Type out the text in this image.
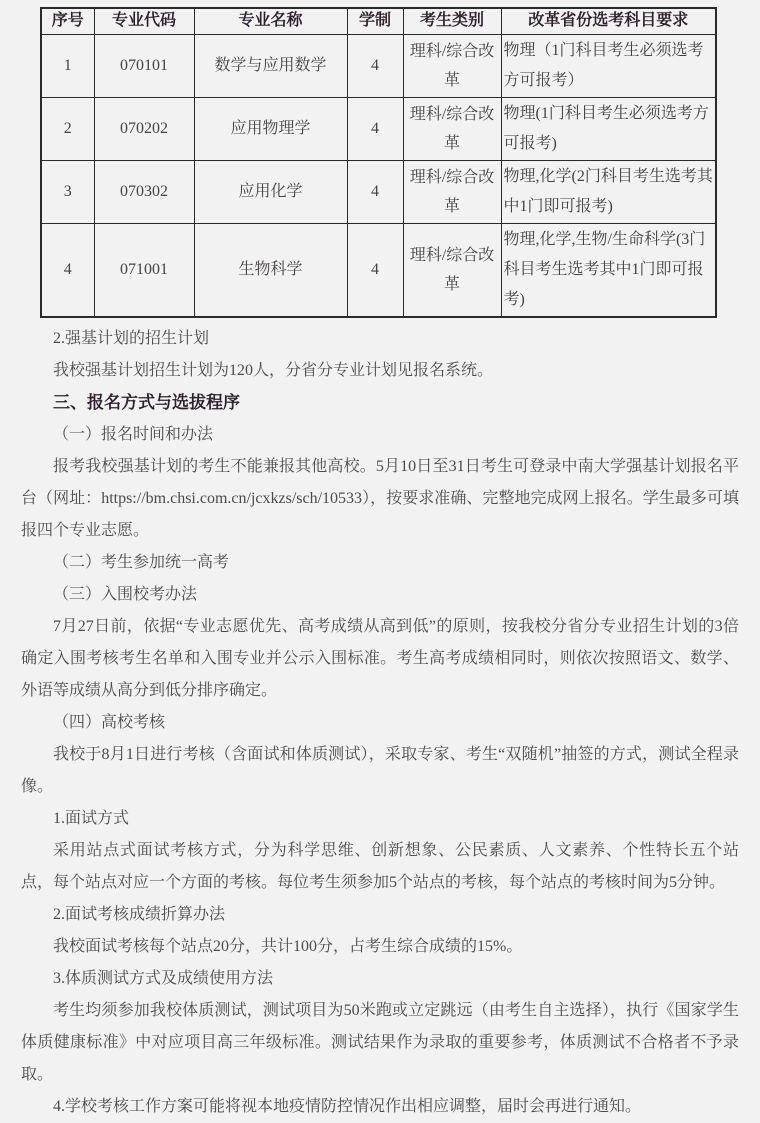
序号	专业代码	专业名称	学制	考生类别	改革省份选考科目要求
1	070101	数学与应用数学	4	理科/综合改革	物理（1门科目考生必须选考方可报考）
2	070202	应用物理学	4	理科/综合改革	物理(1门科目考生必须选考方可报考)
3	070302	应用化学	4	理科/综合改革	物理,化学(2门科目考生选考其中1门即可报考)
4	071001	生物科学	4	理科/综合改革	物理,化学,生物/生命科学(3门科目考生选考其中1门即可报考)

2.强基计划的招生计划

我校强基计划招生计划为120人，分省分专业计划见报名系统。

三、报名方式与选拔程序

（一）报名时间和办法

报考我校强基计划的考生不能兼报其他高校。5月10日至31日考生可登录中南大学强基计划报名平台（网址：https://bm.chsi.com.cn/jcxkzs/sch/10533），按要求准确、完整地完成网上报名。学生最多可填报四个专业志愿。

（二）考生参加统一高考

（三）入围校考办法

7月27日前，依据“专业志愿优先、高考成绩从高到低”的原则，按我校分省分专业招生计划的3倍确定入围考核考生名单和入围专业并公示入围标准。考生高考成绩相同时，则依次按照语文、数学、外语等成绩从高分到低分排序确定。

（四）高校考核

我校于8月1日进行考核（含面试和体质测试），采取专家、考生“双随机”抽签的方式，测试全程录像。

1.面试方式

采用站点式面试考核方式，分为科学思维、创新想象、公民素质、人文素养、个性特长五个站点，每个站点对应一个方面的考核。每位考生须参加5个站点的考核，每个站点的考核时间为5分钟。

2.面试考核成绩折算办法

我校面试考核每个站点20分，共计100分，占考生综合成绩的15%。

3.体质测试方式及成绩使用方法

考生均须参加我校体质测试，测试项目为50米跑或立定跳远（由考生自主选择），执行《国家学生体质健康标准》中对应项目高三年级标准。测试结果作为录取的重要参考，体质测试不合格者不予录取。

4.学校考核工作方案可能将视本地疫情防控情况作出相应调整，届时会再进行通知。
